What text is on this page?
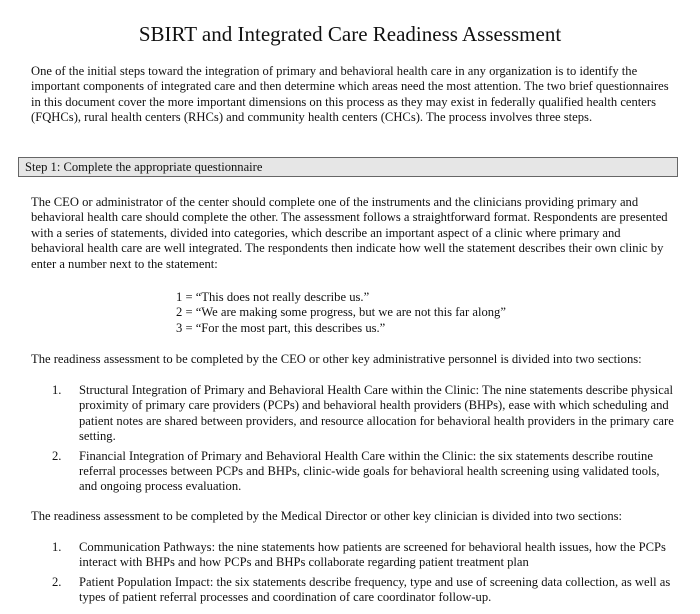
SBIRT and Integrated Care Readiness Assessment

One of the initial steps toward the integration of primary and behavioral health care in any organization is to identify the important components of integrated care and then determine which areas need the most attention. The two brief questionnaires in this document cover the more important dimensions on this process as they may exist in federally qualified health centers (FQHCs), rural health centers (RHCs) and community health centers (CHCs). The process involves three steps.

Step 1: Complete the appropriate questionnaire

The CEO or administrator of the center should complete one of the instruments and the clinicians providing primary and behavioral health care should complete the other. The assessment follows a straightforward format. Respondents are presented with a series of statements, divided into categories, which describe an important aspect of a clinic where primary and behavioral health care are well integrated. The respondents then indicate how well the statement describes their own clinic by enter a number next to the statement:

1 = “This does not really describe us.”
2 = “We are making some progress, but we are not this far along”
3 = “For the most part, this describes us.”

The readiness assessment to be completed by the CEO or other key administrative personnel is divided into two sections:

1.	Structural Integration of Primary and Behavioral Health Care within the Clinic: The nine statements describe physical proximity of primary care providers (PCPs) and behavioral health providers (BHPs), ease with which scheduling and patient notes are shared between providers, and resource allocation for behavioral health providers in the primary care setting.
2.	Financial Integration of Primary and Behavioral Health Care within the Clinic: the six statements describe routine referral processes between PCPs and BHPs, clinic-wide goals for behavioral health screening using validated tools, and ongoing process evaluation.

The readiness assessment to be completed by the Medical Director or other key clinician is divided into two sections:

1.	Communication Pathways: the nine statements how patients are screened for behavioral health issues, how the PCPs interact with BHPs and how PCPs and BHPs collaborate regarding patient treatment plan
2.	Patient Population Impact: the six statements describe frequency, type and use of screening data collection, as well as types of patient referral processes and coordination of care coordinator follow-up.
